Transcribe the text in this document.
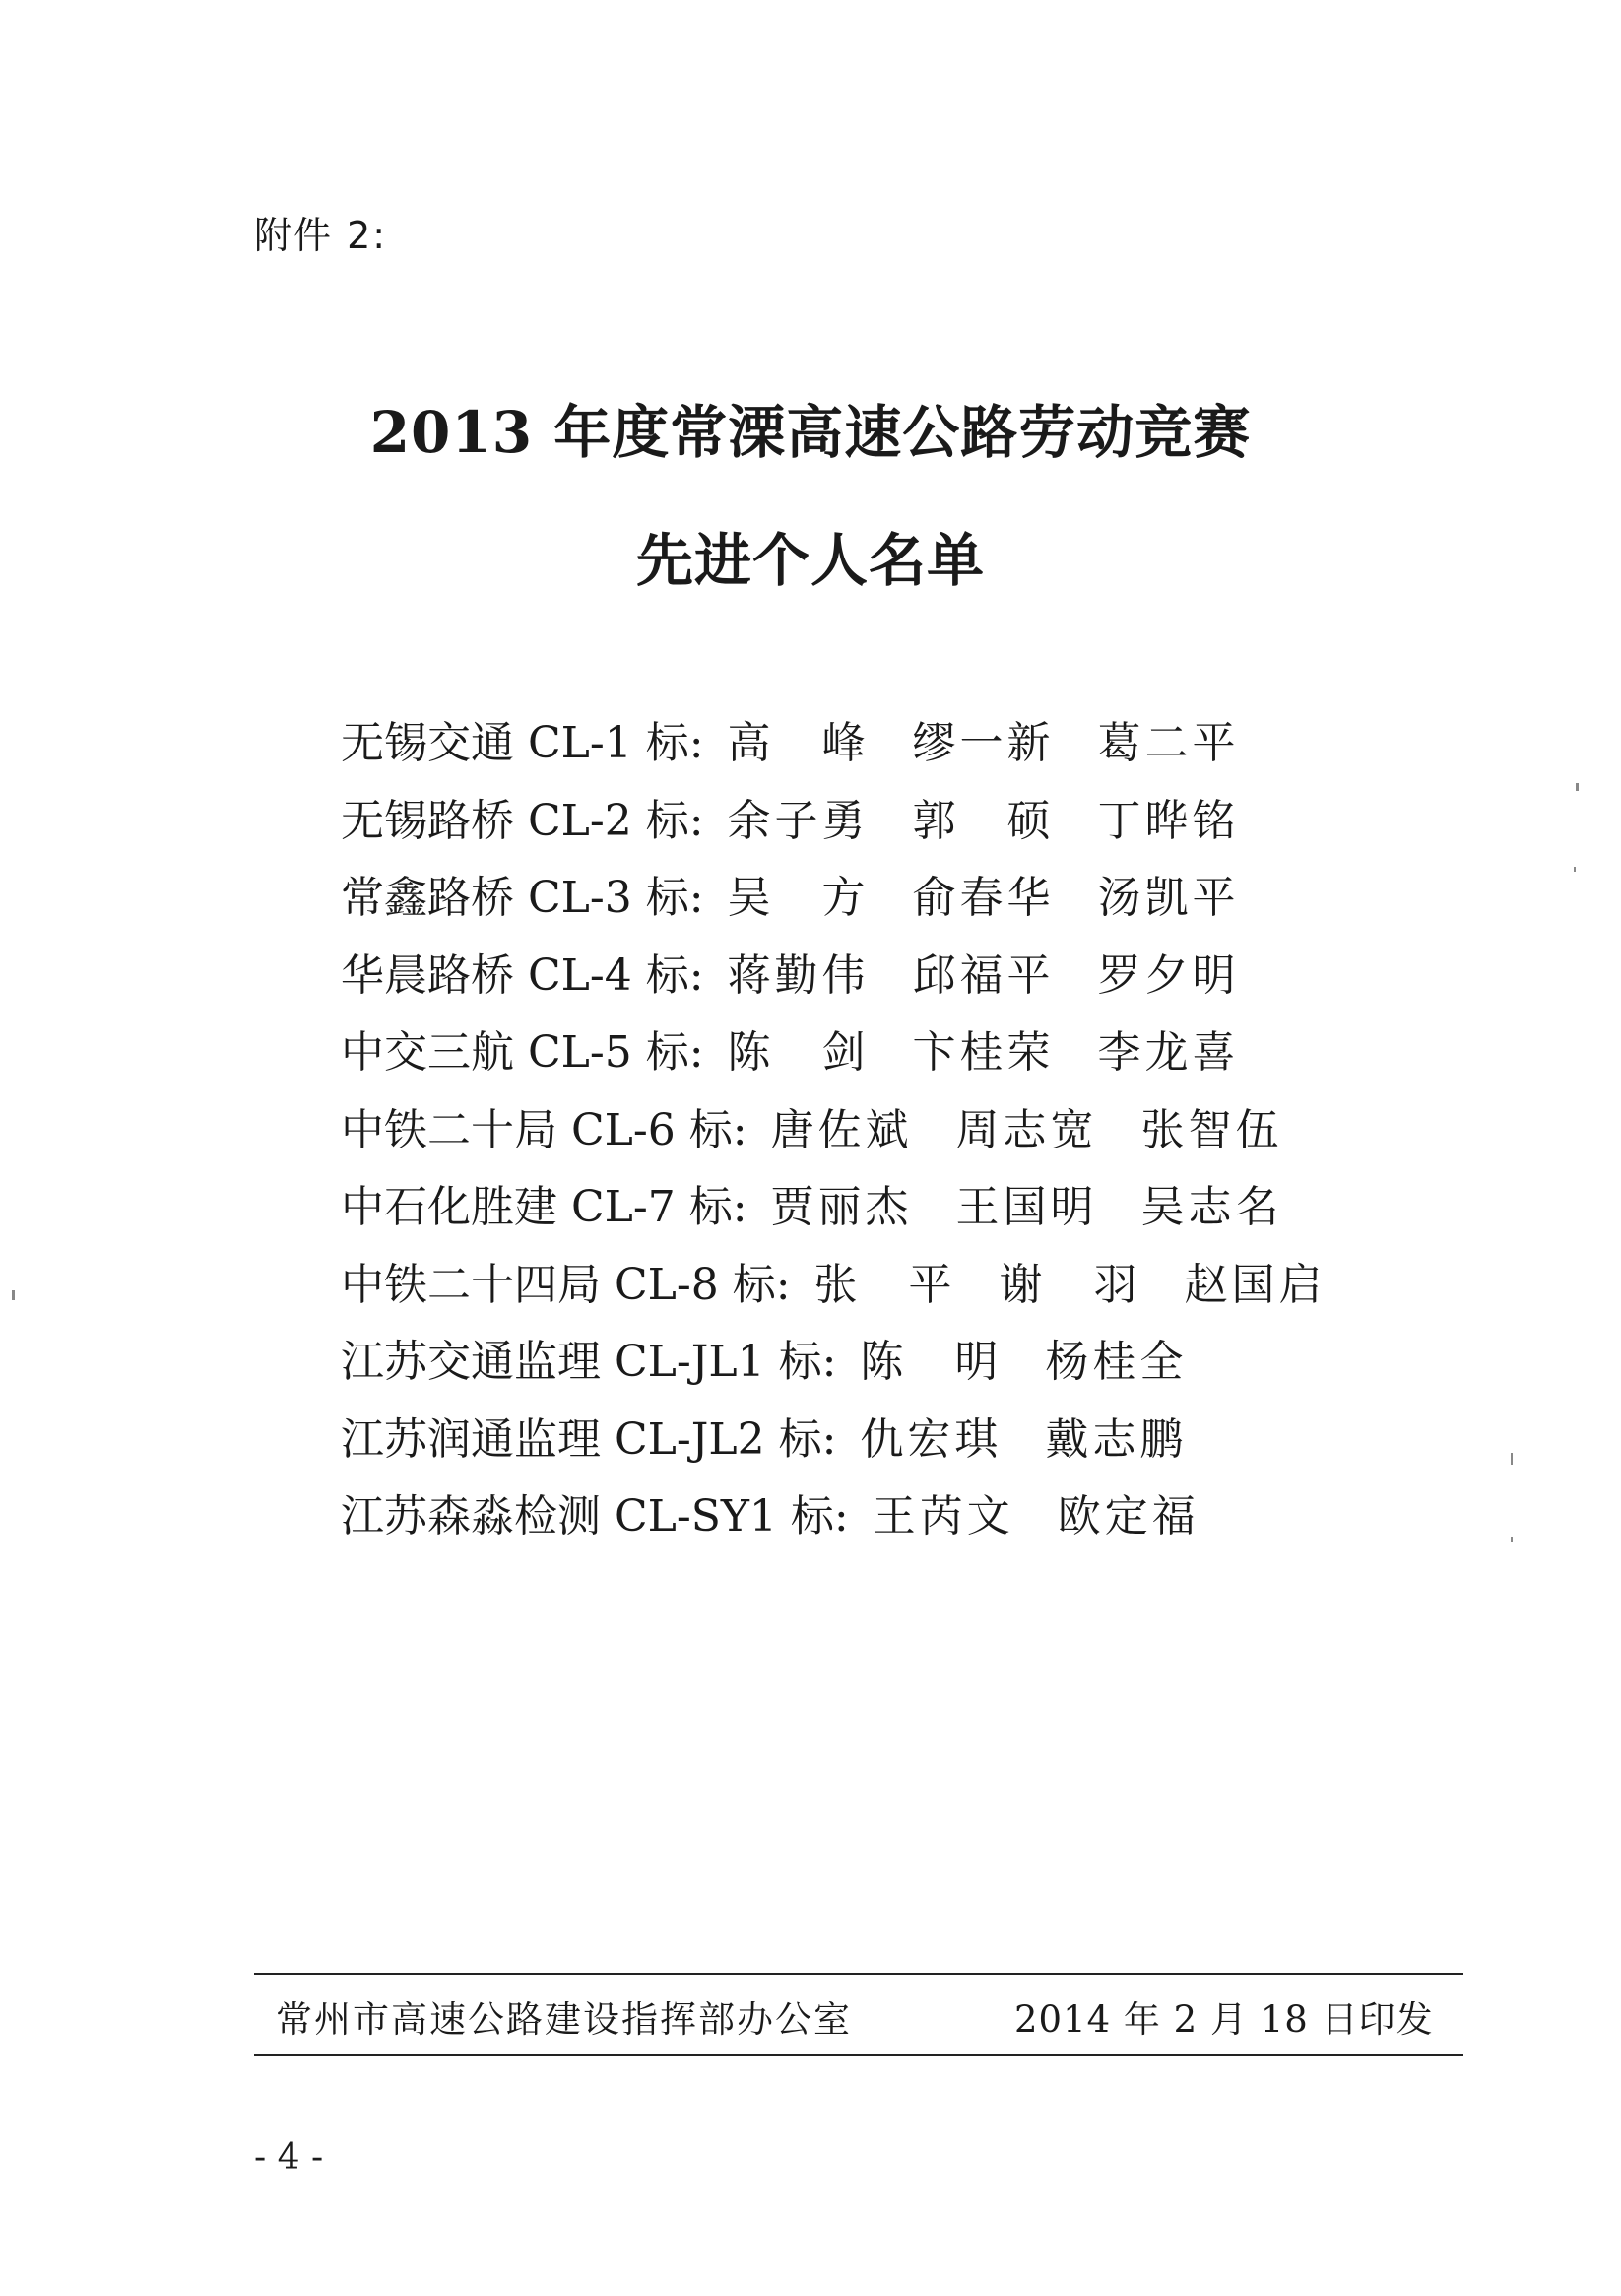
附件 2:
2013 年度常溧高速公路劳动竞赛
先进个人名单
无锡交通 CL-1 标: 高　峰 缪一新 葛二平
无锡路桥 CL-2 标: 余子勇 郭　硕 丁晔铭
常鑫路桥 CL-3 标: 吴　方 俞春华 汤凯平
华晨路桥 CL-4 标: 蒋勤伟 邱福平 罗夕明
中交三航 CL-5 标: 陈　剑 卞桂荣 李龙喜
中铁二十局 CL-6 标: 唐佐斌 周志宽 张智伍
中石化胜建 CL-7 标: 贾丽杰 王国明 吴志名
中铁二十四局 CL-8 标: 张　平 谢　羽 赵国启
江苏交通监理 CL-JL1 标: 陈　明 杨桂全
江苏润通监理 CL-JL2 标: 仇宏琪 戴志鹏
江苏森淼检测 CL-SY1 标: 王芮文 欧定福
常州市高速公路建设指挥部办公室	2014 年 2 月 18 日印发
- 4 -
